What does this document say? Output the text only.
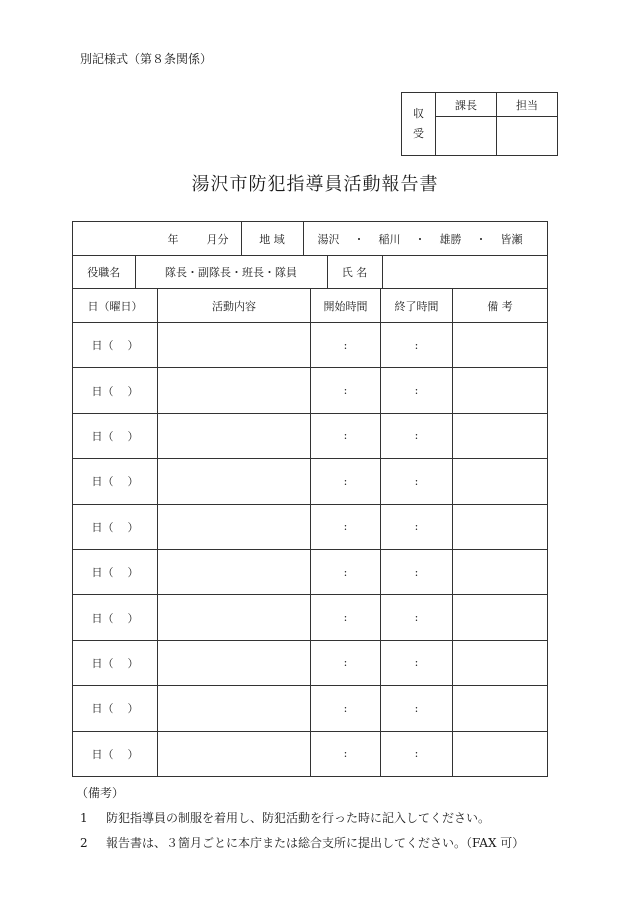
別記様式（第８条関係）
収
受	課長	担当

湯沢市防犯指導員活動報告書
年	月分	地 域	湯沢 ・ 稲川 ・ 雄勝 ・ 皆瀬

役職名	隊長・副隊長・班長・隊員	氏 名	

日（曜日）	活動内容	開始時間	終了時間	備 考
日（ ）		:	:	
日（ ）		:	:	
日（ ）		:	:	
日（ ）		:	:	
日（ ）		:	:	
日（ ）		:	:	
日（ ）		:	:	
日（ ）		:	:	
日（ ）		:	:	
日（ ）		:	:	
（備考）
1 防犯指導員の制服を着用し、防犯活動を行った時に記入してください。
2 報告書は、３箇月ごとに本庁または総合支所に提出してください。（FAX 可）
